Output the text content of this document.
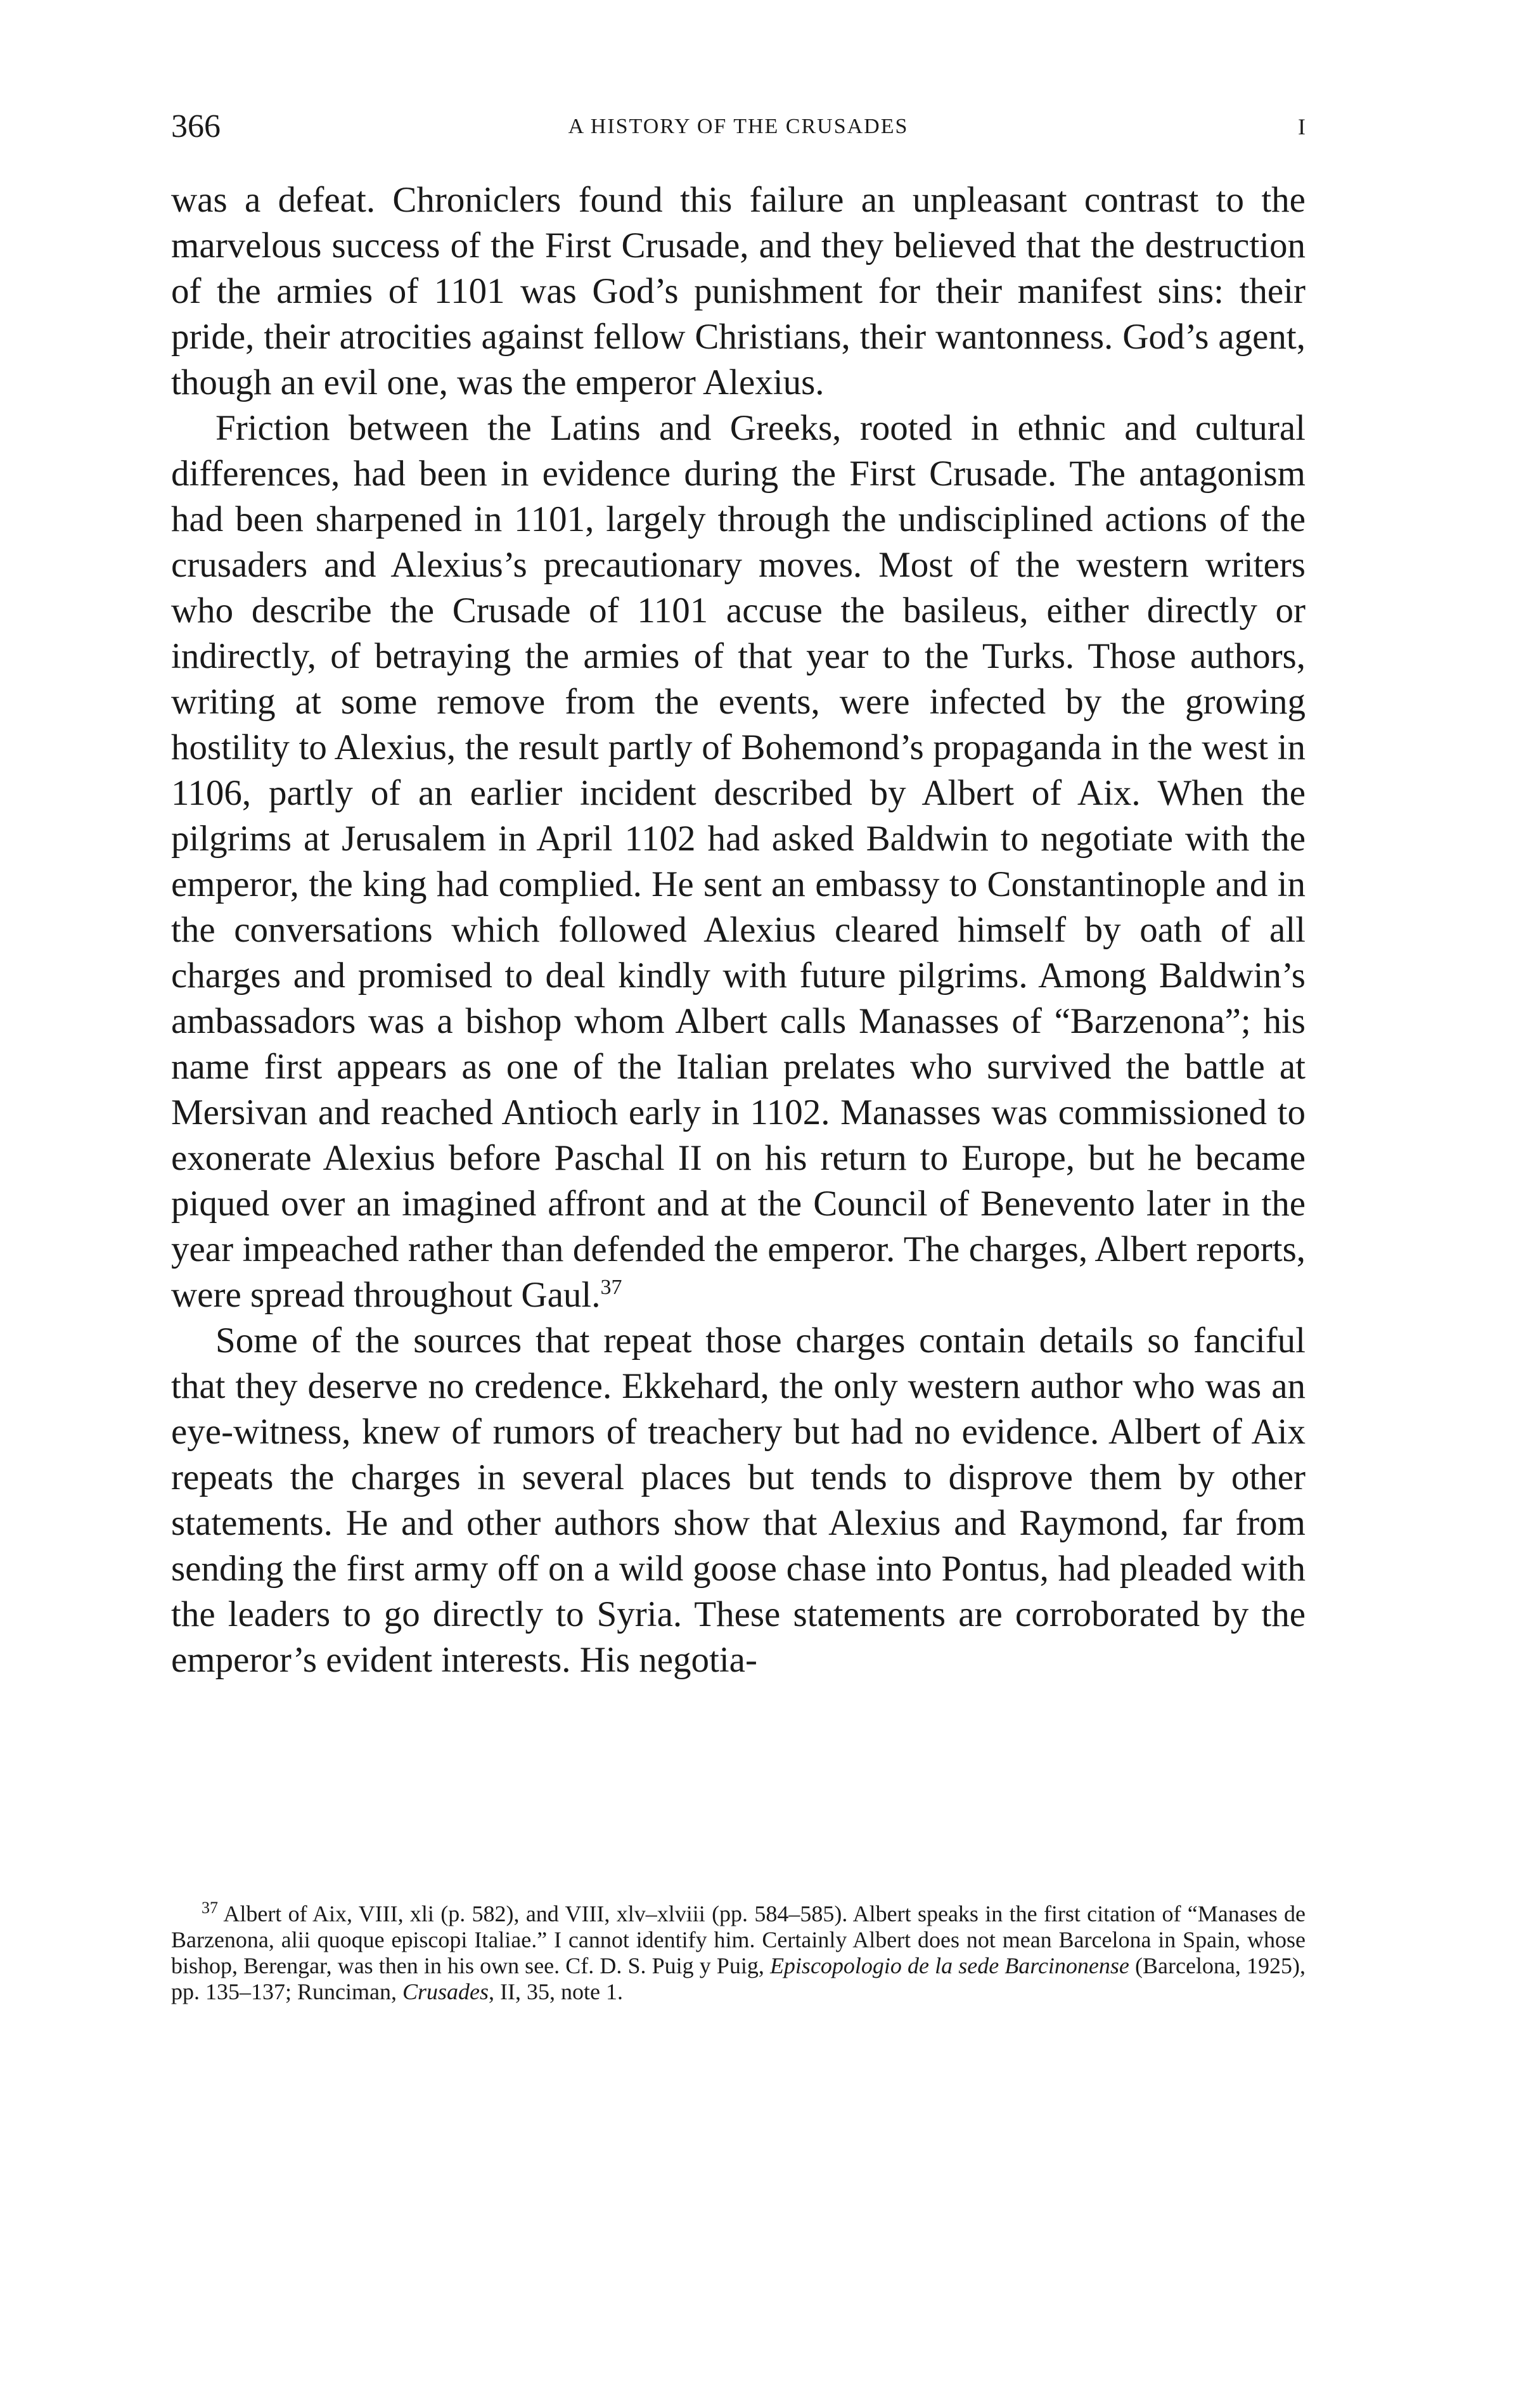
366	A HISTORY OF THE CRUSADES	I

was a defeat. Chroniclers found this failure an unpleasant contrast to the marvelous success of the First Crusade, and they believed that the destruction of the armies of 1101 was God’s punishment for their manifest sins: their pride, their atrocities against fellow Christians, their wantonness. God’s agent, though an evil one, was the emperor Alexius.

Friction between the Latins and Greeks, rooted in ethnic and cultural differences, had been in evidence during the First Crusade. The antagonism had been sharpened in 1101, largely through the undisciplined actions of the crusaders and Alexius’s precautionary moves. Most of the western writers who describe the Crusade of 1101 accuse the basileus, either directly or indirectly, of betraying the armies of that year to the Turks. Those authors, writing at some remove from the events, were infected by the growing hostility to Alexius, the result partly of Bohemond’s propaganda in the west in 1106, partly of an earlier incident described by Albert of Aix. When the pilgrims at Jerusalem in April 1102 had asked Baldwin to negotiate with the emperor, the king had complied. He sent an embassy to Constantinople and in the conversations which followed Alexius cleared himself by oath of all charges and promised to deal kindly with future pilgrims. Among Baldwin’s ambassadors was a bishop whom Albert calls Manasses of “Barzenona”; his name first appears as one of the Italian prelates who survived the battle at Mersivan and reached Antioch early in 1102. Manasses was commissioned to exonerate Alexius before Paschal II on his return to Europe, but he became piqued over an imagined affront and at the Council of Benevento later in the year impeached rather than defended the emperor. The charges, Albert reports, were spread throughout Gaul.$^{37}$

Some of the sources that repeat those charges contain details so fanciful that they deserve no credence. Ekkehard, the only western author who was an eye-witness, knew of rumors of treachery but had no evidence. Albert of Aix repeats the charges in several places but tends to disprove them by other statements. He and other authors show that Alexius and Raymond, far from sending the first army off on a wild goose chase into Pontus, had pleaded with the leaders to go directly to Syria. These statements are corroborated by the emperor’s evident interests. His negotia-

$^{37}$ Albert of Aix, VIII, xli (p. 582), and VIII, xlv–xlviii (pp. 584–585). Albert speaks in the first citation of “Manases de Barzenona, alii quoque episcopi Italiae.” I cannot identify him. Certainly Albert does not mean Barcelona in Spain, whose bishop, Berengar, was then in his own see. Cf. D. S. Puig y Puig, Episcopologio de la sede Barcinonense (Barcelona, 1925), pp. 135–137; Runciman, Crusades, II, 35, note 1.
